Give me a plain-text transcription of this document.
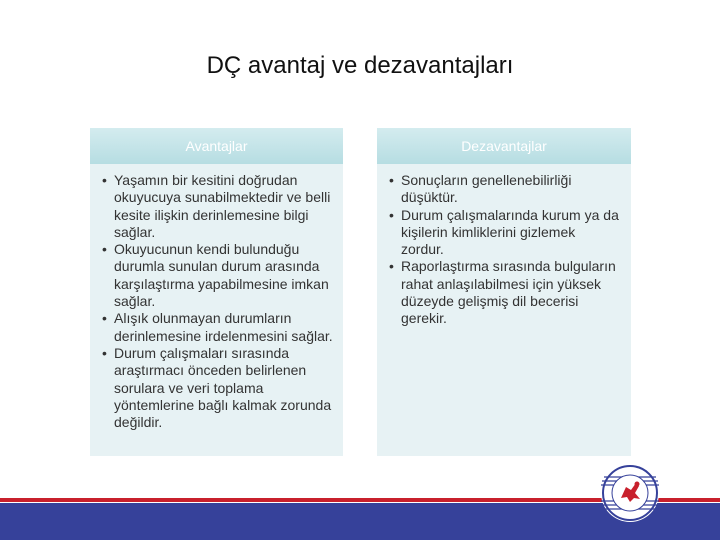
DÇ avantaj ve dezavantajları
Avantajlar
• Yaşamın bir kesitini doğrudan okuyucuya sunabilmektedir ve belli kesite ilişkin derinlemesine bilgi sağlar.
• Okuyucunun kendi bulunduğu durumla sunulan durum arasında karşılaştırma yapabilmesine imkan sağlar.
• Alışık olunmayan durumların derinlemesine irdelenmesini sağlar.
• Durum çalışmaları sırasında araştırmacı önceden belirlenen sorulara ve veri toplama yöntemlerine bağlı kalmak zorunda değildir.
Dezavantajlar
• Sonuçların genellenebilirliği düşüktür.
• Durum çalışmalarında kurum ya da kişilerin kimliklerini gizlemek zordur.
• Raporlaştırma sırasında bulguların rahat anlaşılabilmesi için yüksek düzeyde gelişmiş dil becerisi gerekir.
